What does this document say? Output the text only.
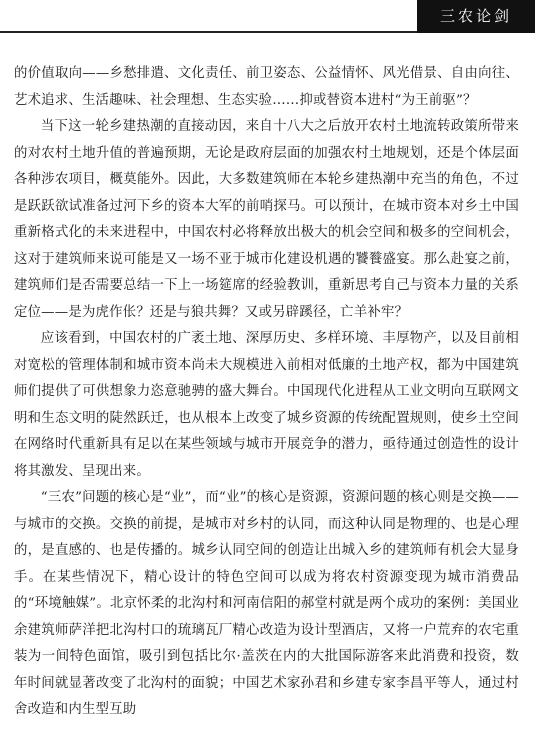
三农论剑

的价值取向——乡愁排遣、文化责任、前卫姿态、公益情怀、风光借景、自由向往、艺术追求、生活趣味、社会理想、生态实验……抑或替资本进村“为王前驱”？

当下这一轮乡建热潮的直接动因，来自十八大之后放开农村土地流转政策所带来的对农村土地升值的普遍预期，无论是政府层面的加强农村土地规划，还是个体层面各种涉农项目，概莫能外。因此，大多数建筑师在本轮乡建热潮中充当的角色，不过是跃跃欲试准备过河下乡的资本大军的前哨探马。可以预计，在城市资本对乡土中国重新格式化的未来进程中，中国农村必将释放出极大的机会空间和极多的空间机会，这对于建筑师来说可能是又一场不亚于城市化建设机遇的饕餮盛宴。那么赴宴之前，建筑师们是否需要总结一下上一场筵席的经验教训，重新思考自己与资本力量的关系定位——是为虎作伥？还是与狼共舞？又或另辟蹊径，亡羊补牢？

应该看到，中国农村的广袤土地、深厚历史、多样环境、丰厚物产，以及目前相对宽松的管理体制和城市资本尚未大规模进入前相对低廉的土地产权，都为中国建筑师们提供了可供想象力恣意驰骋的盛大舞台。中国现代化进程从工业文明向互联网文明和生态文明的陡然跃迁，也从根本上改变了城乡资源的传统配置规则，使乡土空间在网络时代重新具有足以在某些领域与城市开展竞争的潜力，亟待通过创造性的设计将其激发、呈现出来。

“三农”问题的核心是“业”，而“业”的核心是资源，资源问题的核心则是交换——与城市的交换。交换的前提，是城市对乡村的认同，而这种认同是物理的、也是心理的，是直感的、也是传播的。城乡认同空间的创造让出城入乡的建筑师有机会大显身手。在某些情况下，精心设计的特色空间可以成为将农村资源变现为城市消费品的“环境触媒”。北京怀柔的北沟村和河南信阳的郝堂村就是两个成功的案例：美国业余建筑师萨洋把北沟村口的琉璃瓦厂精心改造为设计型酒店，又将一户荒弃的农宅重装为一间特色面馆，吸引到包括比尔·盖茨在内的大批国际游客来此消费和投资，数年时间就显著改变了北沟村的面貌；中国艺术家孙君和乡建专家李昌平等人，通过村舍改造和内生型互助
